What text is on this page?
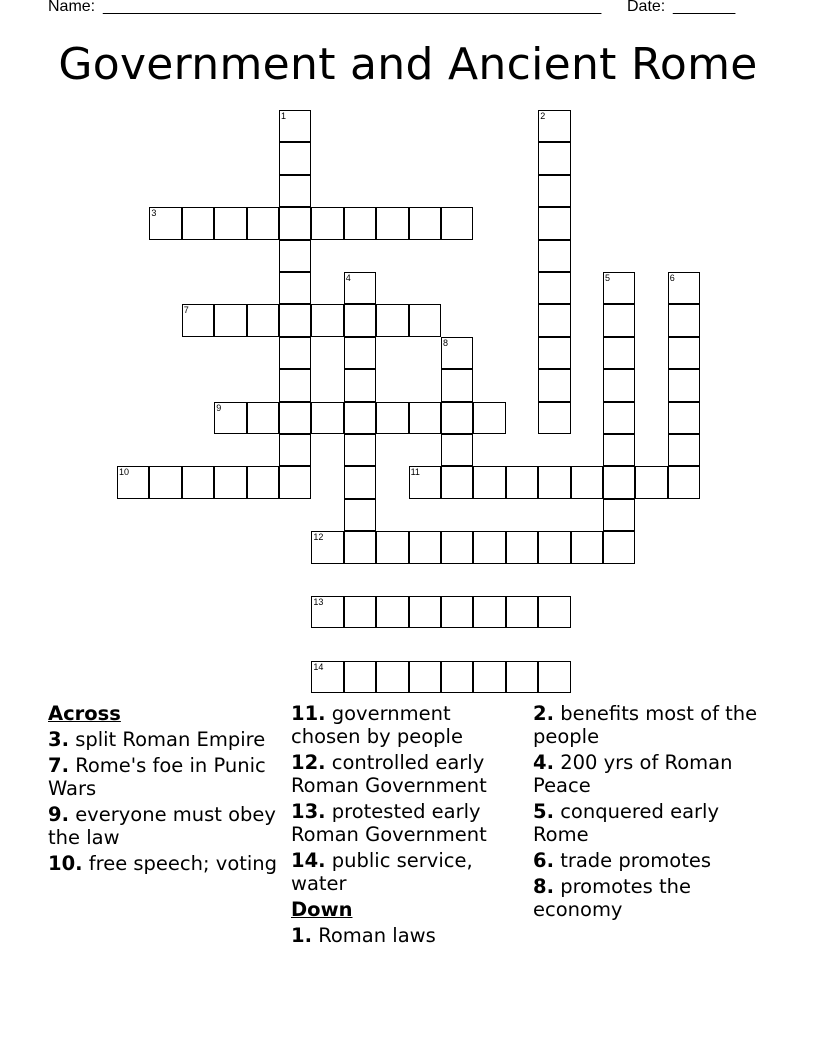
Name: ________________________________________________________ Date: _______
Government and Ancient Rome
1	2
3
4	5	6
7
8
9
10	11
12
13
14
Across
3. split Roman Empire
7. Rome's foe in Punic Wars
9. everyone must obey the law
10. free speech; voting
11. government chosen by people
12. controlled early Roman Government
13. protested early Roman Government
14. public service, water
Down
1. Roman laws
2. benefits most of the people
4. 200 yrs of Roman Peace
5. conquered early Rome
6. trade promotes
8. promotes the economy
